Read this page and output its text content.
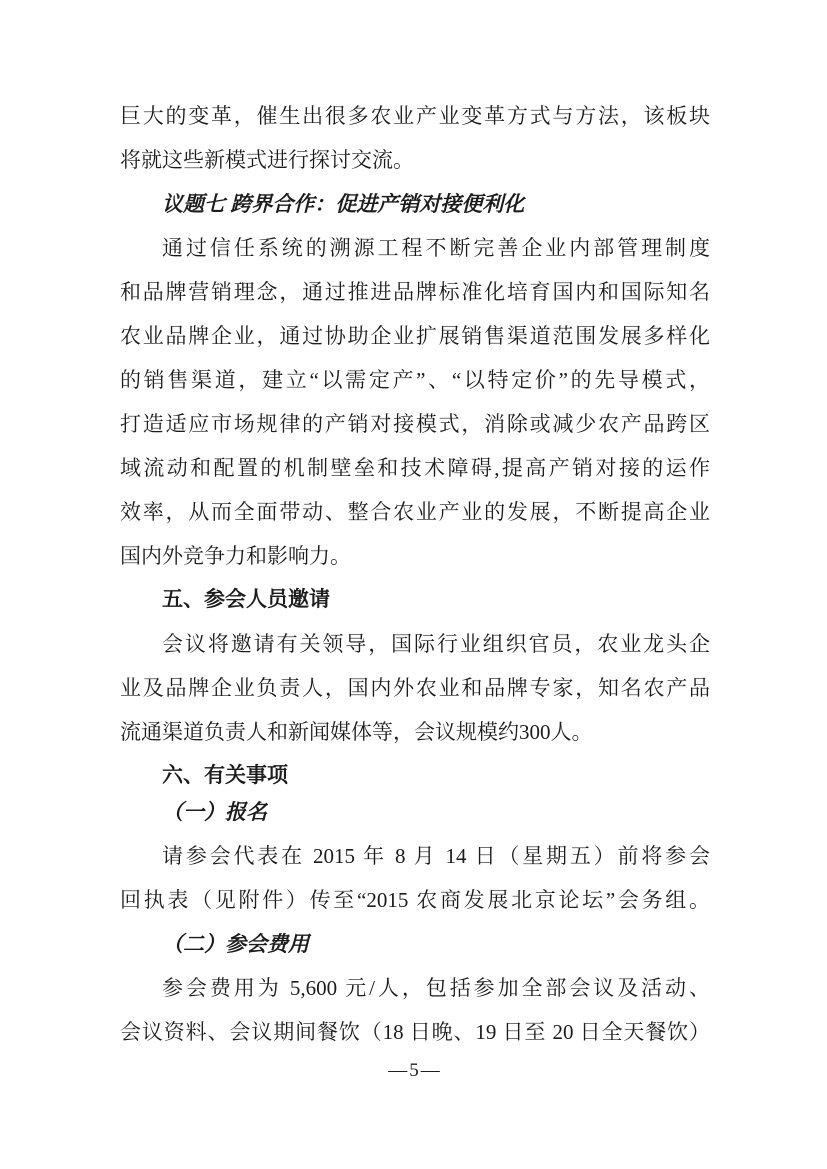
巨大的变革，催生出很多农业产业变革方式与方法，该板块

将就这些新模式进行探讨交流。

议题七 跨界合作：促进产销对接便利化

通过信任系统的溯源工程不断完善企业内部管理制度

和品牌营销理念，通过推进品牌标准化培育国内和国际知名

农业品牌企业，通过协助企业扩展销售渠道范围发展多样化

的销售渠道，建立“以需定产”、“以特定价”的先导模式，

打造适应市场规律的产销对接模式，消除或减少农产品跨区

域流动和配置的机制壁垒和技术障碍,提高产销对接的运作

效率，从而全面带动、整合农业产业的发展，不断提高企业

国内外竞争力和影响力。

五、参会人员邀请

会议将邀请有关领导，国际行业组织官员，农业龙头企

业及品牌企业负责人，国内外农业和品牌专家，知名农产品

流通渠道负责人和新闻媒体等，会议规模约300人。

六、有关事项
（一）报名

请参会代表在 2015 年 8 月 14 日（星期五）前将参会

回执表（见附件）传至“2015 农商发展北京论坛”会务组。

（二）参会费用

参会费用为 5,600 元/人，包括参加全部会议及活动、

会议资料、会议期间餐饮（18 日晚、19 日至 20 日全天餐饮）

—5—
